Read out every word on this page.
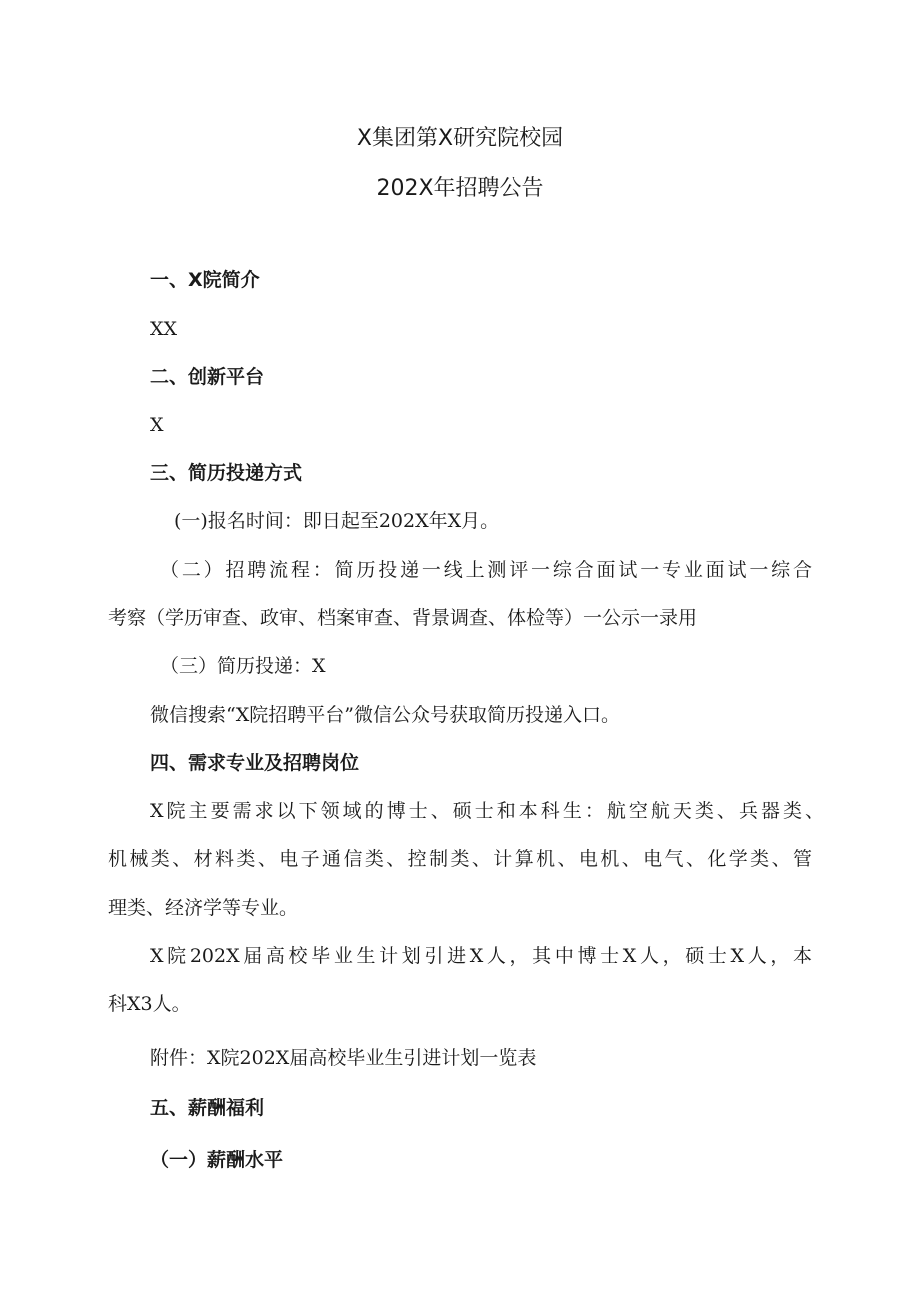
X集团第X研究院校园
202X年招聘公告

一、X院简介

XX

二、创新平台

X

三、简历投递方式

(一)报名时间：即日起至202X年X月。

（二）招聘流程：简历投递一线上测评一综合面试一专业面试一综合

考察（学历审查、政审、档案审查、背景调查、体检等）一公示一录用

（三）简历投递：X

微信搜索“X院招聘平台”微信公众号获取简历投递入口。

四、需求专业及招聘岗位

X院主要需求以下领域的博士、硕士和本科生：航空航天类、兵器类、

机械类、材料类、电子通信类、控制类、计算机、电机、电气、化学类、管

理类、经济学等专业。

X院202X届高校毕业生计划引进X人，其中博士X人，硕士X人，本

科X3人。

附件：X院202X届高校毕业生引进计划一览表

五、薪酬福利

（一）薪酬水平
